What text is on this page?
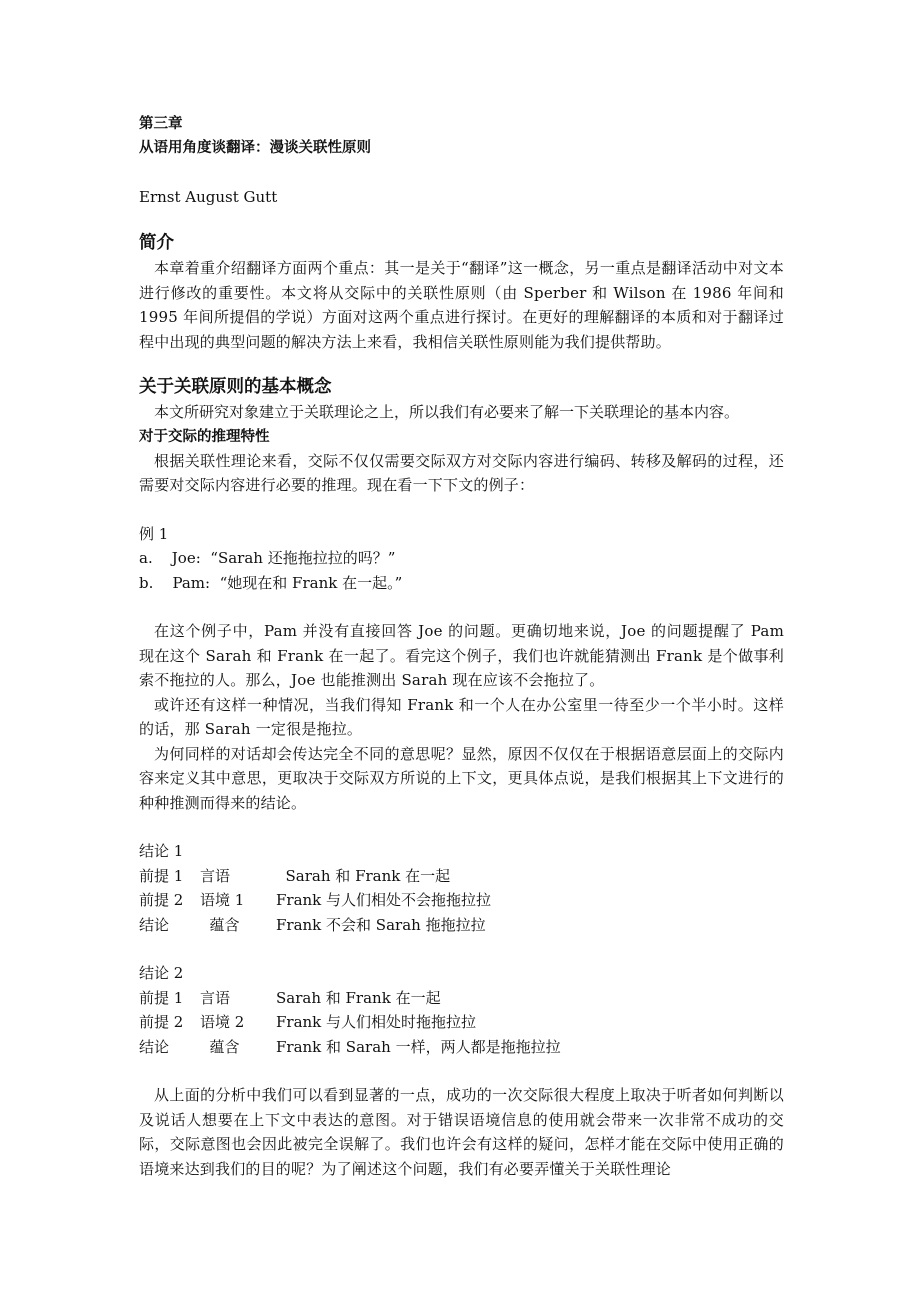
第三章
从语用角度谈翻译：漫谈关联性原则
Ernst August Gutt
简介

本章着重介绍翻译方面两个重点：其一是关于“翻译”这一概念，另一重点是翻译活动中对文本进行修改的重要性。本文将从交际中的关联性原则（由 Sperber 和 Wilson 在 1986 年间和 1995 年间所提倡的学说）方面对这两个重点进行探讨。在更好的理解翻译的本质和对于翻译过程中出现的典型问题的解决方法上来看，我相信关联性原则能为我们提供帮助。

关于关联原则的基本概念

本文所研究对象建立于关联理论之上，所以我们有必要来了解一下关联理论的基本内容。

对于交际的推理特性

根据关联性理论来看，交际不仅仅需要交际双方对交际内容进行编码、转移及解码的过程，还需要对交际内容进行必要的推理。现在看一下下文的例子：

例 1
a.    Joe:  “Sarah 还拖拖拉拉的吗？”
b.    Pam:  “她现在和 Frank 在一起。”

在这个例子中，Pam 并没有直接回答 Joe 的问题。更确切地来说，Joe 的问题提醒了 Pam 现在这个 Sarah 和 Frank 在一起了。看完这个例子，我们也许就能猜测出 Frank 是个做事利索不拖拉的人。那么，Joe 也能推测出 Sarah 现在应该不会拖拉了。

或许还有这样一种情况，当我们得知 Frank 和一个人在办公室里一待至少一个半小时。这样的话，那 Sarah 一定很是拖拉。

为何同样的对话却会传达完全不同的意思呢？显然，原因不仅仅在于根据语意层面上的交际内容来定义其中意思，更取决于交际双方所说的上下文，更具体点说，是我们根据其上下文进行的种种推测而得来的结论。

结论 1
前提 1	言语	Sarah 和 Frank 在一起
前提 2	语境 1	Frank 与人们相处不会拖拖拉拉
结论	蕴含	Frank 不会和 Sarah 拖拖拉拉
结论 2
前提 1	言语	Sarah 和 Frank 在一起
前提 2	语境 2	Frank 与人们相处时拖拖拉拉
结论	蕴含	Frank 和 Sarah 一样，两人都是拖拖拉拉

从上面的分析中我们可以看到显著的一点，成功的一次交际很大程度上取决于听者如何判断以及说话人想要在上下文中表达的意图。对于错误语境信息的使用就会带来一次非常不成功的交际，交际意图也会因此被完全误解了。我们也许会有这样的疑问，怎样才能在交际中使用正确的语境来达到我们的目的呢？为了阐述这个问题，我们有必要弄懂关于关联性理论
